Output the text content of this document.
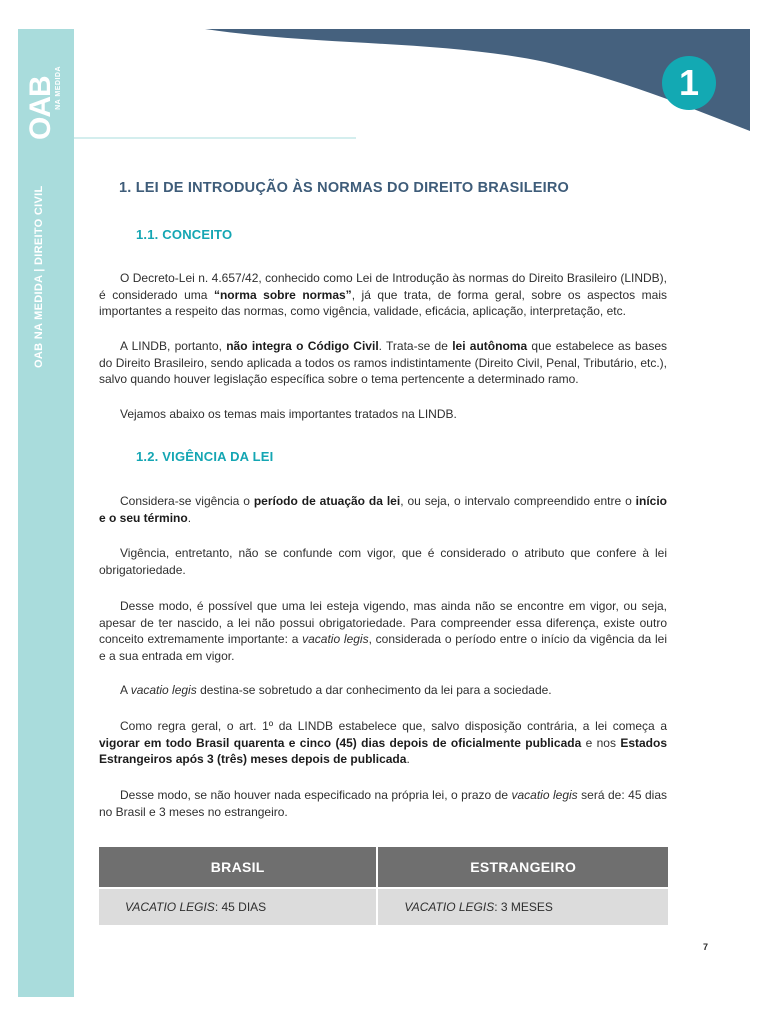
OAB
NA MEDIDA
OAB NA MEDIDA | DIREITO CIVIL
1
1. LEI DE INTRODUÇÃO ÀS NORMAS DO DIREITO BRASILEIRO
1.1. CONCEITO

O Decreto-Lei n. 4.657/42, conhecido como Lei de Introdução às normas do Direito Brasileiro (LINDB), é considerado uma “norma sobre normas”, já que trata, de forma geral, sobre os aspectos mais importantes a respeito das normas, como vigência, validade, eficácia, aplicação, interpretação, etc.

A LINDB, portanto, não integra o Código Civil. Trata-se de lei autônoma que estabelece as bases do Direito Brasileiro, sendo aplicada a todos os ramos indistintamente (Direito Civil, Penal, Tributário, etc.), salvo quando houver legislação específica sobre o tema pertencente a determinado ramo.

Vejamos abaixo os temas mais importantes tratados na LINDB.

1.2. VIGÊNCIA DA LEI

Considera-se vigência o período de atuação da lei, ou seja, o intervalo compreendido entre o início e o seu término.

Vigência, entretanto, não se confunde com vigor, que é considerado o atributo que confere à lei obrigatoriedade.

Desse modo, é possível que uma lei esteja vigendo, mas ainda não se encontre em vigor, ou seja, apesar de ter nascido, a lei não possui obrigatoriedade. Para compreender essa diferença, existe outro conceito extremamente importante: a vacatio legis, considerada o período entre o início da vigência da lei e a sua entrada em vigor.

A vacatio legis destina-se sobretudo a dar conhecimento da lei para a sociedade.

Como regra geral, o art. 1º da LINDB estabelece que, salvo disposição contrária, a lei começa a vigorar em todo Brasil quarenta e cinco (45) dias depois de oficialmente publicada e nos Estados Estrangeiros após 3 (três) meses depois de publicada.

Desse modo, se não houver nada especificado na própria lei, o prazo de vacatio legis será de: 45 dias no Brasil e 3 meses no estrangeiro.

BRASIL	ESTRANGEIRO
VACATIO LEGIS: 45 DIAS	VACATIO LEGIS: 3 MESES
7
